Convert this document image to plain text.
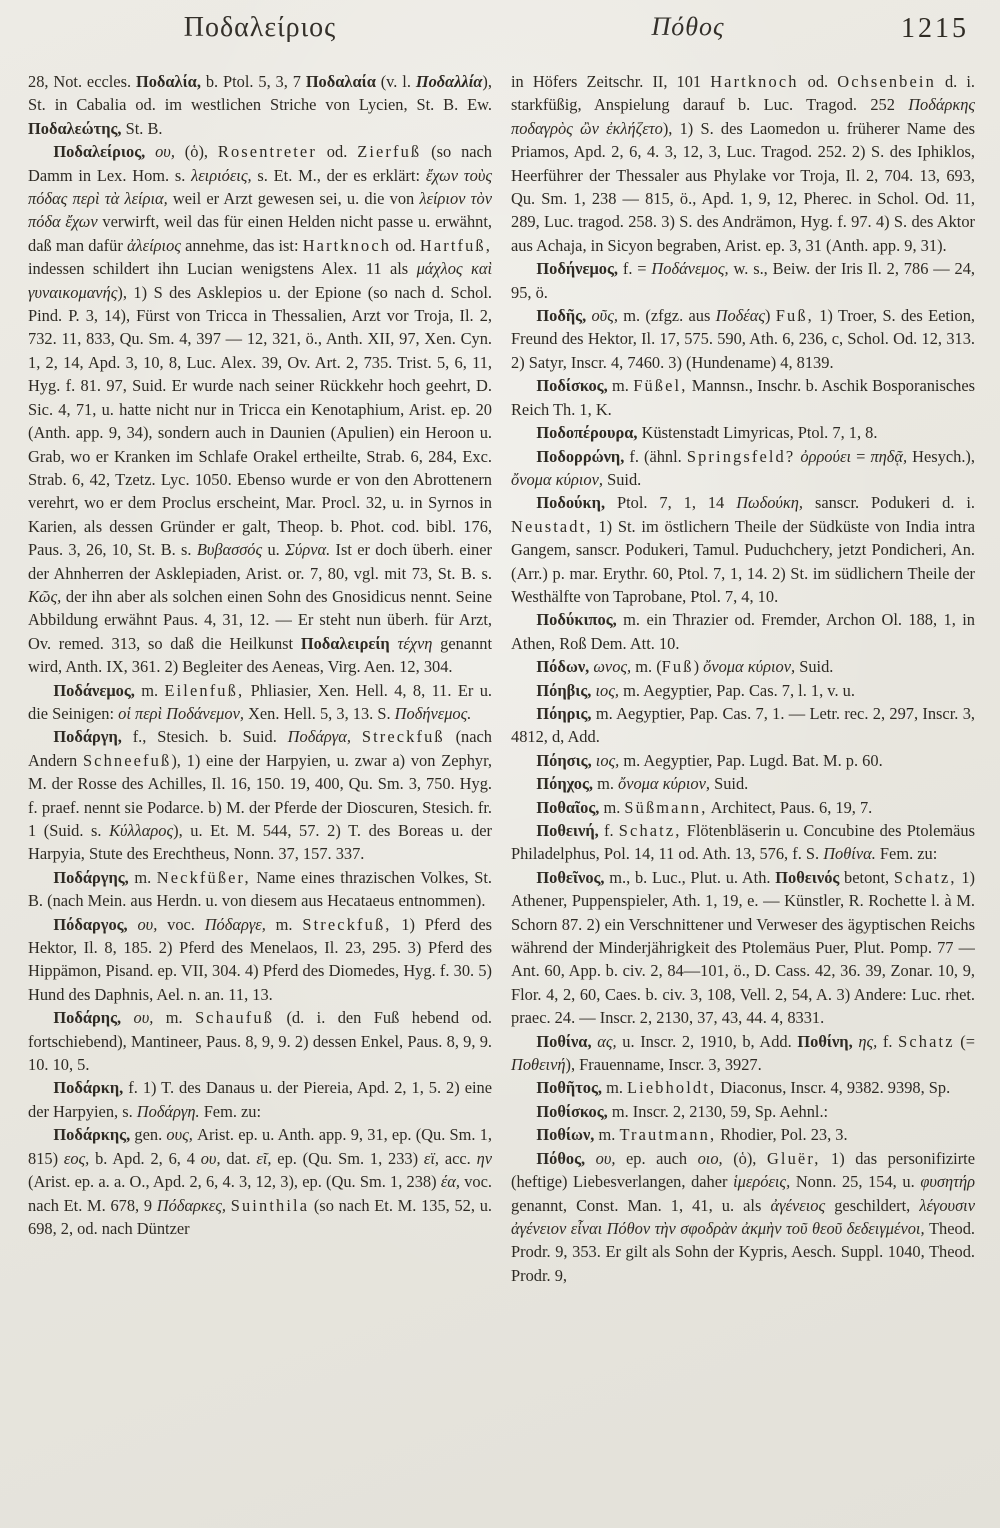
Ποδαλείριος	Πόθος	1215

28, Not. eccles. Ποδαλία, b. Ptol. 5, 3, 7 Ποδαλαία (v. l. Ποδαλλία), St. in Cabalia od. im westlichen Striche von Lycien, St. B. Ew. Ποδαλεώτης, St. B.

Ποδαλείριος, ου, (ὁ), Rosentreter od. Zierfuß (so nach Damm in Lex. Hom. s. λειριόεις, s. Et. M., der es erklärt: ἔχων τοὺς πόδας περὶ τὰ λείρια, weil er Arzt gewesen sei, u. die von λείριον τὸν πόδα ἔχων verwirft, weil das für einen Helden nicht passe u. erwähnt, daß man dafür ἀλείριος annehme, das ist: Hartknoch od. Hartfuß, indessen schildert ihn Lucian wenigstens Alex. 11 als μάχλος καὶ γυναικομανής), 1) S des Asklepios u. der Epione (so nach d. Schol. Pind. P. 3, 14), Fürst von Tricca in Thessalien, Arzt vor Troja, Il. 2, 732. 11, 833, Qu. Sm. 4, 397 — 12, 321, ö., Anth. XII, 97, Xen. Cyn. 1, 2, 14, Apd. 3, 10, 8, Luc. Alex. 39, Ov. Art. 2, 735. Trist. 5, 6, 11, Hyg. f. 81. 97, Suid. Er wurde nach seiner Rückkehr hoch geehrt, D. Sic. 4, 71, u. hatte nicht nur in Tricca ein Kenotaphium, Arist. ep. 20 (Anth. app. 9, 34), sondern auch in Daunien (Apulien) ein Heroon u. Grab, wo er Kranken im Schlafe Orakel ertheilte, Strab. 6, 284, Exc. Strab. 6, 42, Tzetz. Lyc. 1050. Ebenso wurde er von den Abrottenern verehrt, wo er dem Proclus erscheint, Mar. Procl. 32, u. in Syrnos in Karien, als dessen Gründer er galt, Theop. b. Phot. cod. bibl. 176, Paus. 3, 26, 10, St. B. s. Βυβασσός u. Σύρνα. Ist er doch überh. einer der Ahnherren der Asklepiaden, Arist. or. 7, 80, vgl. mit 73, St. B. s. Κῶς, der ihn aber als solchen einen Sohn des Gnosidicus nennt. Seine Abbildung erwähnt Paus. 4, 31, 12. — Er steht nun überh. für Arzt, Ov. remed. 313, so daß die Heilkunst Ποδαλειρείη τέχνη genannt wird, Anth. IX, 361. 2) Begleiter des Aeneas, Virg. Aen. 12, 304.

Ποδάνεμος, m. Eilenfuß, Phliasier, Xen. Hell. 4, 8, 11. Er u. die Seinigen: οἱ περὶ Ποδάνεμον, Xen. Hell. 5, 3, 13. S. Ποδήνεμος.

Ποδάργη, f., Stesich. b. Suid. Ποδάργα, Streckfuß (nach Andern Schneefuß), 1) eine der Harpyien, u. zwar a) von Zephyr, M. der Rosse des Achilles, Il. 16, 150. 19, 400, Qu. Sm. 3, 750. Hyg. f. praef. nennt sie Podarce. b) M. der Pferde der Dioscuren, Stesich. fr. 1 (Suid. s. Κύλλαρος), u. Et. M. 544, 57. 2) T. des Boreas u. der Harpyia, Stute des Erechtheus, Nonn. 37, 157. 337.

Ποδάργης, m. Neckfüßer, Name eines thrazischen Volkes, St. B. (nach Mein. aus Herdn. u. von diesem aus Hecataeus entnommen).

Πόδαργος, ου, voc. Πόδαργε, m. Streckfuß, 1) Pferd des Hektor, Il. 8, 185. 2) Pferd des Menelaos, Il. 23, 295. 3) Pferd des Hippämon, Pisand. ep. VII, 304. 4) Pferd des Diomedes, Hyg. f. 30. 5) Hund des Daphnis, Ael. n. an. 11, 13.

Ποδάρης, ου, m. Schaufuß (d. i. den Fuß hebend od. fortschiebend), Mantineer, Paus. 8, 9, 9. 2) dessen Enkel, Paus. 8, 9, 9. 10. 10, 5.

Ποδάρκη, f. 1) T. des Danaus u. der Piereia, Apd. 2, 1, 5. 2) eine der Harpyien, s. Ποδάργη. Fem. zu:

Ποδάρκης, gen. ους, Arist. ep. u. Anth. app. 9, 31, ep. (Qu. Sm. 1, 815) εος, b. Apd. 2, 6, 4 ου, dat. εῖ, ep. (Qu. Sm. 1, 233) εϊ, acc. ην (Arist. ep. a. a. O., Apd. 2, 6, 4. 3, 12, 3), ep. (Qu. Sm. 1, 238) έα, voc. nach Et. M. 678, 9 Πόδαρκες, Suinthila (so nach Et. M. 135, 52, u. 698, 2, od. nach Düntzer

in Höfers Zeitschr. II, 101 Hartknoch od. Ochsenbein d. i. starkfüßig, Anspielung darauf b. Luc. Tragod. 252 Ποδάρκης ποδαγρὸς ὢν ἐκλήζετο), 1) S. des Laomedon u. früherer Name des Priamos, Apd. 2, 6, 4. 3, 12, 3, Luc. Tragod. 252. 2) S. des Iphiklos, Heerführer der Thessaler aus Phylake vor Troja, Il. 2, 704. 13, 693, Qu. Sm. 1, 238 — 815, ö., Apd. 1, 9, 12, Pherec. in Schol. Od. 11, 289, Luc. tragod. 258. 3) S. des Andrämon, Hyg. f. 97. 4) S. des Aktor aus Achaja, in Sicyon begraben, Arist. ep. 3, 31 (Anth. app. 9, 31).

Ποδήνεμος, f. = Ποδάνεμος, w. s., Beiw. der Iris Il. 2, 786 — 24, 95, ö.

Ποδῆς, οῦς, m. (zfgz. aus Ποδέας) Fuß, 1) Troer, S. des Eetion, Freund des Hektor, Il. 17, 575. 590, Ath. 6, 236, c, Schol. Od. 12, 313. 2) Satyr, Inscr. 4, 7460. 3) (Hundename) 4, 8139.

Ποδίσκος, m. Füßel, Mannsn., Inschr. b. Aschik Bosporanisches Reich Th. 1, K.

Ποδοπέρουρα, Küstenstadt Limyricas, Ptol. 7, 1, 8.

Ποδορρώνη, f. (ähnl. Springsfeld? ὀρρούει = πηδᾷ, Hesych.), ὄνομα κύριον, Suid.

Ποδούκη, Ptol. 7, 1, 14 Πωδούκη, sanscr. Podukeri d. i. Neustadt, 1) St. im östlichern Theile der Südküste von India intra Gangem, sanscr. Podukeri, Tamul. Puduchchery, jetzt Pondicheri, An. (Arr.) p. mar. Erythr. 60, Ptol. 7, 1, 14. 2) St. im südlichern Theile der Westhälfte von Taprobane, Ptol. 7, 4, 10.

Ποδύκιπος, m. ein Thrazier od. Fremder, Archon Ol. 188, 1, in Athen, Roß Dem. Att. 10.

Πόδων, ωνος, m. (Fuß) ὄνομα κύριον, Suid.

Πόηβις, ιος, m. Aegyptier, Pap. Cas. 7, l. 1, v. u.

Πόηρις, m. Aegyptier, Pap. Cas. 7, 1. — Letr. rec. 2, 297, Inscr. 3, 4812, d, Add.

Πόησις, ιος, m. Aegyptier, Pap. Lugd. Bat. M. p. 60.

Πόηχος, m. ὄνομα κύριον, Suid.

Ποθαῖος, m. Süßmann, Architect, Paus. 6, 19, 7.

Ποθεινή, f. Schatz, Flötenbläserin u. Concubine des Ptolemäus Philadelphus, Pol. 14, 11 od. Ath. 13, 576, f. S. Ποθίνα. Fem. zu:

Ποθεῖνος, m., b. Luc., Plut. u. Ath. Ποθεινός betont, Schatz, 1) Athener, Puppenspieler, Ath. 1, 19, e. — Künstler, R. Rochette l. à M. Schorn 87. 2) ein Verschnittener und Verweser des ägyptischen Reichs während der Minderjährigkeit des Ptolemäus Puer, Plut. Pomp. 77 — Ant. 60, App. b. civ. 2, 84—101, ö., D. Cass. 42, 36. 39, Zonar. 10, 9, Flor. 4, 2, 60, Caes. b. civ. 3, 108, Vell. 2, 54, A. 3) Andere: Luc. rhet. praec. 24. — Inscr. 2, 2130, 37, 43, 44. 4, 8331.

Ποθίνα, ας, u. Inscr. 2, 1910, b, Add. Ποθίνη, ης, f. Schatz (= Ποθεινή), Frauenname, Inscr. 3, 3927.

Ποθῆτος, m. Liebholdt, Diaconus, Inscr. 4, 9382. 9398, Sp.

Ποθίσκος, m. Inscr. 2, 2130, 59, Sp. Aehnl.:

Ποθίων, m. Trautmann, Rhodier, Pol. 23, 3.

Πόθος, ου, ep. auch οιο, (ὁ), Gluër, 1) das personifizirte (heftige) Liebesverlangen, daher ἱμερόεις, Nonn. 25, 154, u. φυσητήρ genannt, Const. Man. 1, 41, u. als ἀγένειος geschildert, λέγουσιν ἀγένειον εἶναι Πόθον τὴν σφοδρὰν ἀκμὴν τοῦ θεοῦ δεδειγμένοι, Theod. Prodr. 9, 353. Er gilt als Sohn der Kypris, Aesch. Suppl. 1040, Theod. Prodr. 9,
